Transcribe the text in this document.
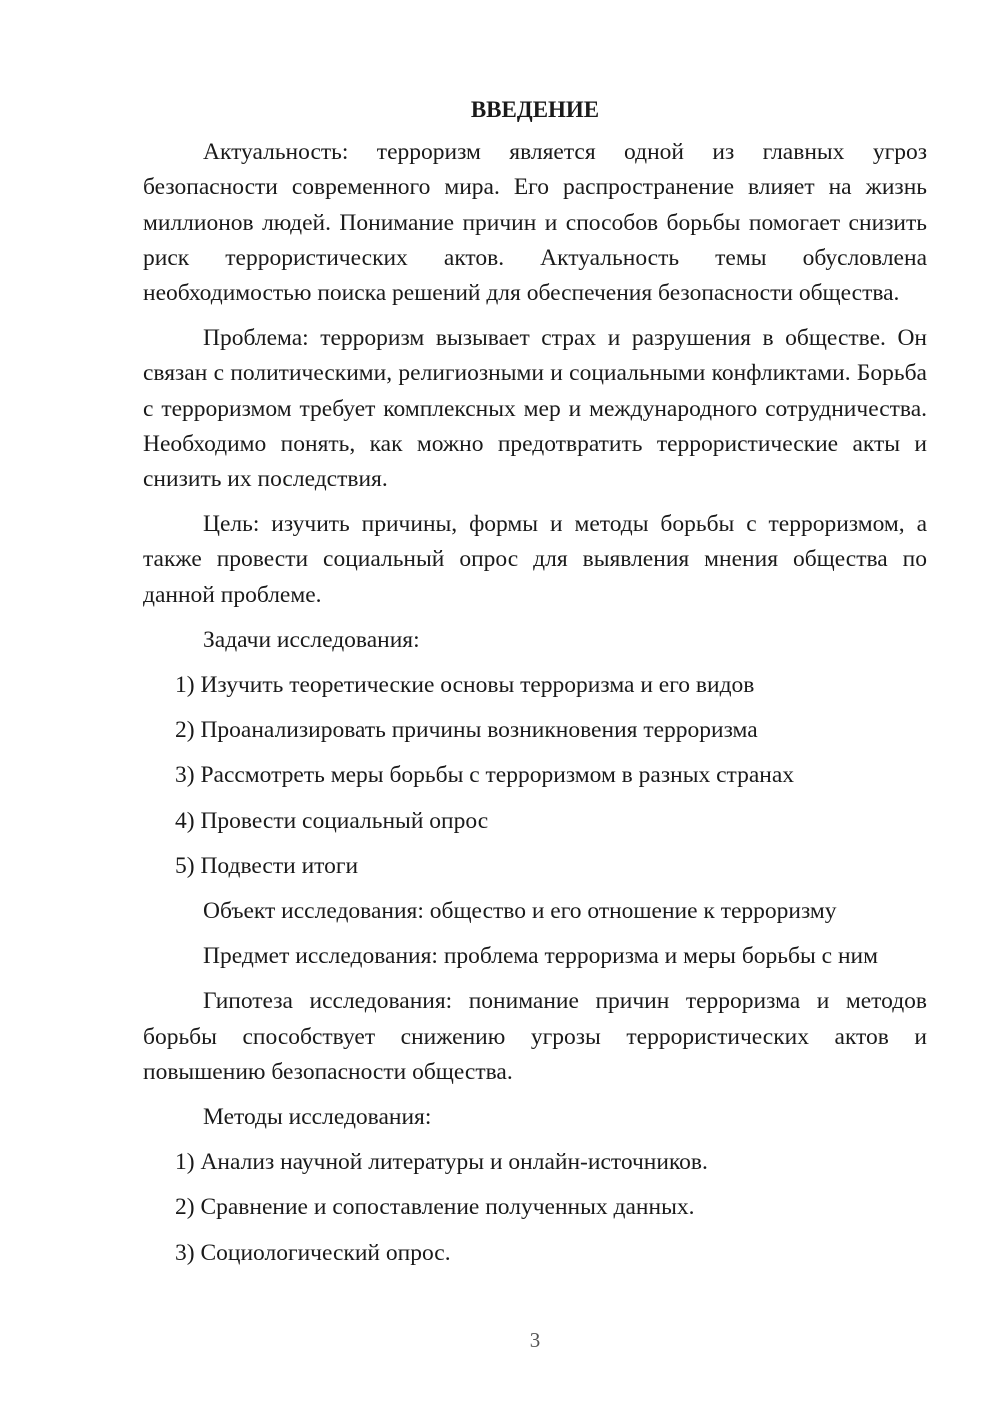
ВВЕДЕНИЕ

Актуальность: терроризм является одной из главных угроз безопасности современного мира. Его распространение влияет на жизнь миллионов людей. Понимание причин и способов борьбы помогает снизить риск террористических актов. Актуальность темы обусловлена необходимостью поиска решений для обеспечения безопасности общества.

Проблема: терроризм вызывает страх и разрушения в обществе. Он связан с политическими, религиозными и социальными конфликтами. Борьба с терроризмом требует комплексных мер и международного сотрудничества. Необходимо понять, как можно предотвратить террористические акты и снизить их последствия.

Цель: изучить причины, формы и методы борьбы с терроризмом, а также провести социальный опрос для выявления мнения общества по данной проблеме.

Задачи исследования:
1) Изучить теоретические основы терроризма и его видов
2) Проанализировать причины возникновения терроризма
3) Рассмотреть меры борьбы с терроризмом в разных странах
4) Провести социальный опрос
5) Подвести итоги
Объект исследования: общество и его отношение к терроризму
Предмет исследования: проблема терроризма и меры борьбы с ним

Гипотеза исследования: понимание причин терроризма и методов борьбы способствует снижению угрозы террористических актов и повышению безопасности общества.

Методы исследования:
1) Анализ научной литературы и онлайн-источников.
2) Сравнение и сопоставление полученных данных.
3) Социологический опрос.
3
